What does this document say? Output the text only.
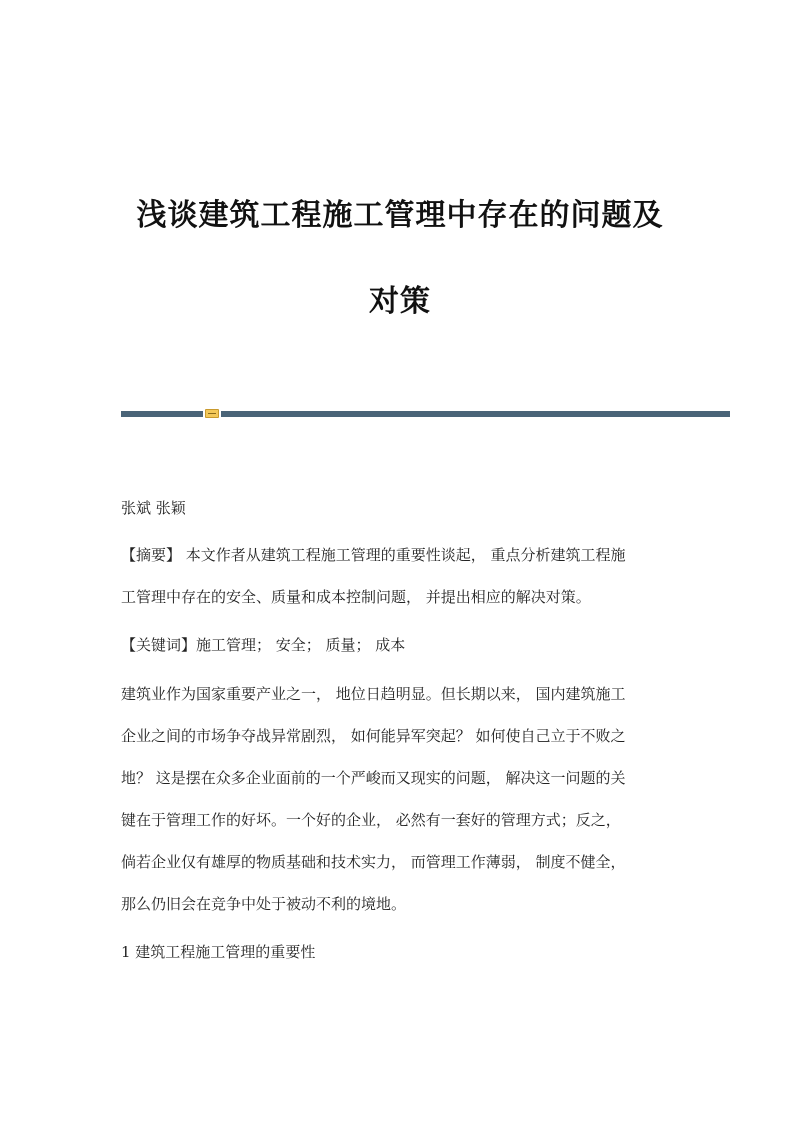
浅谈建筑工程施工管理中存在的问题及
对策
张斌 张颖
【摘要】 本文作者从建筑工程施工管理的重要性谈起， 重点分析建筑工程施
工管理中存在的安全、质量和成本控制问题， 并提出相应的解决对策。
【关键词】施工管理； 安全； 质量； 成本
建筑业作为国家重要产业之一， 地位日趋明显。但长期以来， 国内建筑施工
企业之间的市场争夺战异常剧烈， 如何能异军突起？ 如何使自己立于不败之
地？ 这是摆在众多企业面前的一个严峻而又现实的问题， 解决这一问题的关
键在于管理工作的好坏。一个好的企业， 必然有一套好的管理方式；反之，
倘若企业仅有雄厚的物质基础和技术实力， 而管理工作薄弱， 制度不健全，
那么仍旧会在竞争中处于被动不利的境地。
1 建筑工程施工管理的重要性
